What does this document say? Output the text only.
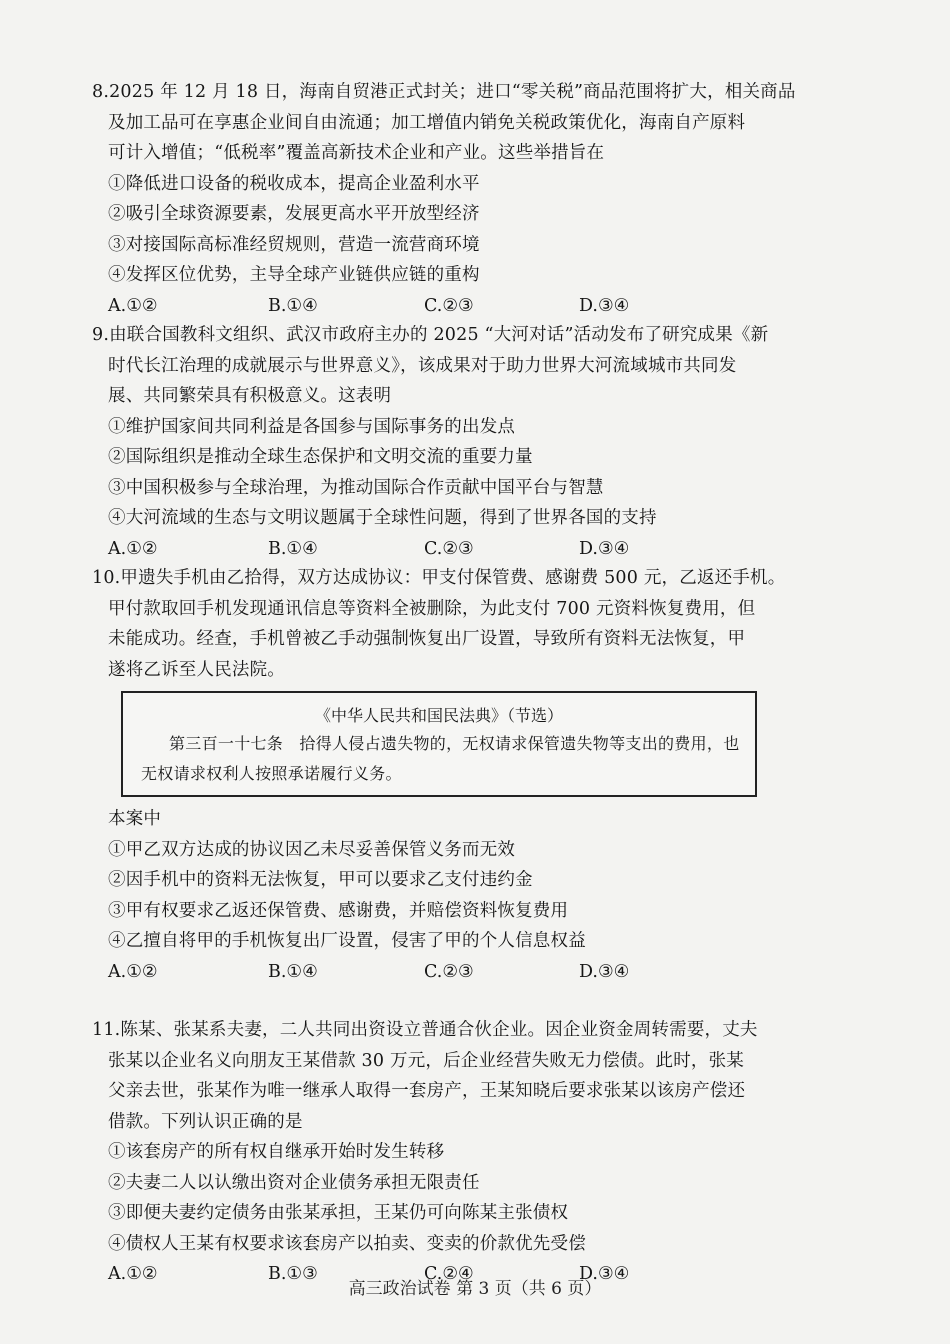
8.2025 年 12 月 18 日，海南自贸港正式封关；进口“零关税”商品范围将扩大，相关商品
及加工品可在享惠企业间自由流通；加工增值内销免关税政策优化，海南自产原料
可计入增值；“低税率”覆盖高新技术企业和产业。这些举措旨在
①降低进口设备的税收成本，提高企业盈利水平
②吸引全球资源要素，发展更高水平开放型经济
③对接国际高标准经贸规则，营造一流营商环境
④发挥区位优势，主导全球产业链供应链的重构
A.①②	B.①④	C.②③	D.③④
9.由联合国教科文组织、武汉市政府主办的 2025 “大河对话”活动发布了研究成果《新
时代长江治理的成就展示与世界意义》，该成果对于助力世界大河流域城市共同发
展、共同繁荣具有积极意义。这表明
①维护国家间共同利益是各国参与国际事务的出发点
②国际组织是推动全球生态保护和文明交流的重要力量
③中国积极参与全球治理，为推动国际合作贡献中国平台与智慧
④大河流域的生态与文明议题属于全球性问题，得到了世界各国的支持
A.①②	B.①④	C.②③	D.③④
10.甲遗失手机由乙拾得，双方达成协议：甲支付保管费、感谢费 500 元，乙返还手机。
甲付款取回手机发现通讯信息等资料全被删除，为此支付 700 元资料恢复费用，但
未能成功。经查，手机曾被乙手动强制恢复出厂设置，导致所有资料无法恢复，甲
遂将乙诉至人民法院。
《中华人民共和国民法典》（节选）
第三百一十七条　拾得人侵占遗失物的，无权请求保管遗失物等支出的费用，也无权请求权利人按照承诺履行义务。
本案中
①甲乙双方达成的协议因乙未尽妥善保管义务而无效
②因手机中的资料无法恢复，甲可以要求乙支付违约金
③甲有权要求乙返还保管费、感谢费，并赔偿资料恢复费用
④乙擅自将甲的手机恢复出厂设置，侵害了甲的个人信息权益
A.①②	B.①④	C.②③	D.③④
11.陈某、张某系夫妻，二人共同出资设立普通合伙企业。因企业资金周转需要，丈夫
张某以企业名义向朋友王某借款 30 万元，后企业经营失败无力偿债。此时，张某
父亲去世，张某作为唯一继承人取得一套房产，王某知晓后要求张某以该房产偿还
借款。下列认识正确的是
①该套房产的所有权自继承开始时发生转移
②夫妻二人以认缴出资对企业债务承担无限责任
③即便夫妻约定债务由张某承担，王某仍可向陈某主张债权
④债权人王某有权要求该套房产以拍卖、变卖的价款优先受偿
A.①②	B.①③	C.②④	D.③④
高三政治试卷 第 3 页（共 6 页）
